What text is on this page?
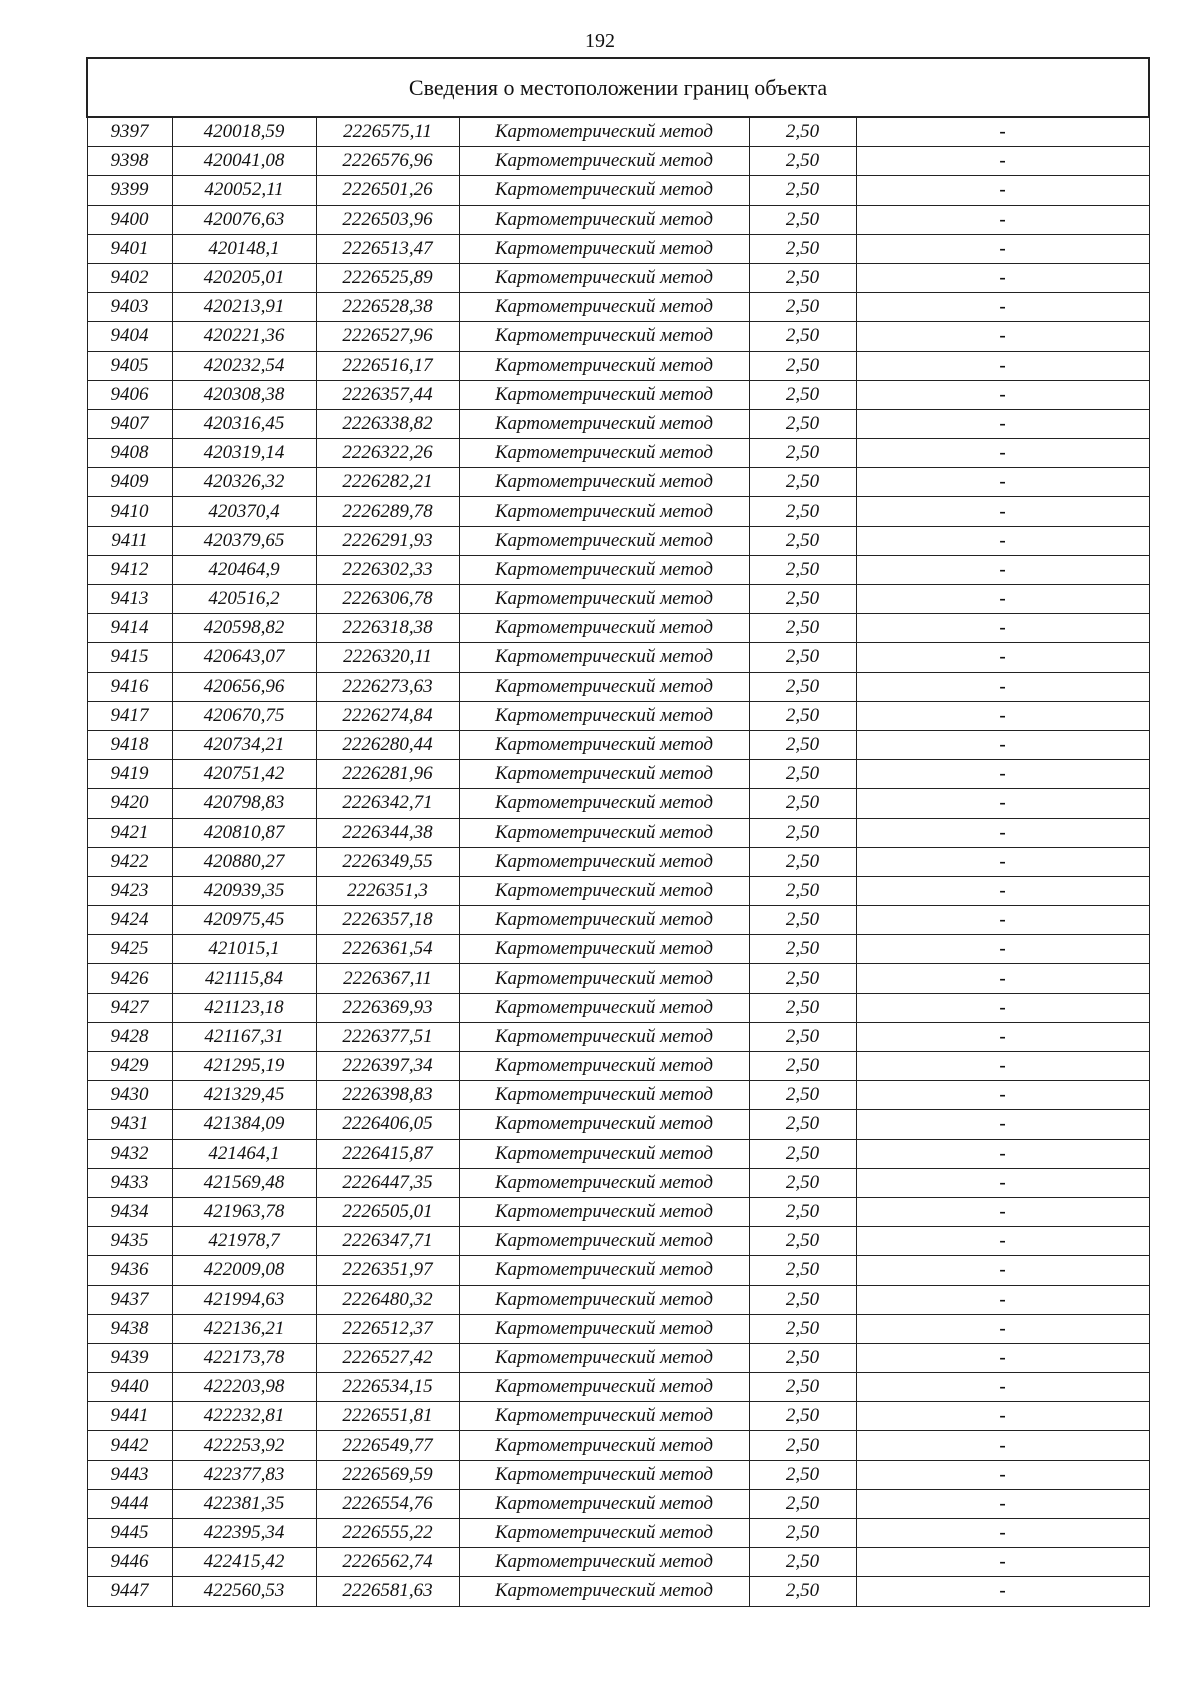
192
Сведения о местоположении границ объекта					
9397	420018,59	2226575,11	Картометрический метод	2,50	-
9398	420041,08	2226576,96	Картометрический метод	2,50	-
9399	420052,11	2226501,26	Картометрический метод	2,50	-
9400	420076,63	2226503,96	Картометрический метод	2,50	-
9401	420148,1	2226513,47	Картометрический метод	2,50	-
9402	420205,01	2226525,89	Картометрический метод	2,50	-
9403	420213,91	2226528,38	Картометрический метод	2,50	-
9404	420221,36	2226527,96	Картометрический метод	2,50	-
9405	420232,54	2226516,17	Картометрический метод	2,50	-
9406	420308,38	2226357,44	Картометрический метод	2,50	-
9407	420316,45	2226338,82	Картометрический метод	2,50	-
9408	420319,14	2226322,26	Картометрический метод	2,50	-
9409	420326,32	2226282,21	Картометрический метод	2,50	-
9410	420370,4	2226289,78	Картометрический метод	2,50	-
9411	420379,65	2226291,93	Картометрический метод	2,50	-
9412	420464,9	2226302,33	Картометрический метод	2,50	-
9413	420516,2	2226306,78	Картометрический метод	2,50	-
9414	420598,82	2226318,38	Картометрический метод	2,50	-
9415	420643,07	2226320,11	Картометрический метод	2,50	-
9416	420656,96	2226273,63	Картометрический метод	2,50	-
9417	420670,75	2226274,84	Картометрический метод	2,50	-
9418	420734,21	2226280,44	Картометрический метод	2,50	-
9419	420751,42	2226281,96	Картометрический метод	2,50	-
9420	420798,83	2226342,71	Картометрический метод	2,50	-
9421	420810,87	2226344,38	Картометрический метод	2,50	-
9422	420880,27	2226349,55	Картометрический метод	2,50	-
9423	420939,35	2226351,3	Картометрический метод	2,50	-
9424	420975,45	2226357,18	Картометрический метод	2,50	-
9425	421015,1	2226361,54	Картометрический метод	2,50	-
9426	421115,84	2226367,11	Картометрический метод	2,50	-
9427	421123,18	2226369,93	Картометрический метод	2,50	-
9428	421167,31	2226377,51	Картометрический метод	2,50	-
9429	421295,19	2226397,34	Картометрический метод	2,50	-
9430	421329,45	2226398,83	Картометрический метод	2,50	-
9431	421384,09	2226406,05	Картометрический метод	2,50	-
9432	421464,1	2226415,87	Картометрический метод	2,50	-
9433	421569,48	2226447,35	Картометрический метод	2,50	-
9434	421963,78	2226505,01	Картометрический метод	2,50	-
9435	421978,7	2226347,71	Картометрический метод	2,50	-
9436	422009,08	2226351,97	Картометрический метод	2,50	-
9437	421994,63	2226480,32	Картометрический метод	2,50	-
9438	422136,21	2226512,37	Картометрический метод	2,50	-
9439	422173,78	2226527,42	Картометрический метод	2,50	-
9440	422203,98	2226534,15	Картометрический метод	2,50	-
9441	422232,81	2226551,81	Картометрический метод	2,50	-
9442	422253,92	2226549,77	Картометрический метод	2,50	-
9443	422377,83	2226569,59	Картометрический метод	2,50	-
9444	422381,35	2226554,76	Картометрический метод	2,50	-
9445	422395,34	2226555,22	Картометрический метод	2,50	-
9446	422415,42	2226562,74	Картометрический метод	2,50	-
9447	422560,53	2226581,63	Картометрический метод	2,50	-
